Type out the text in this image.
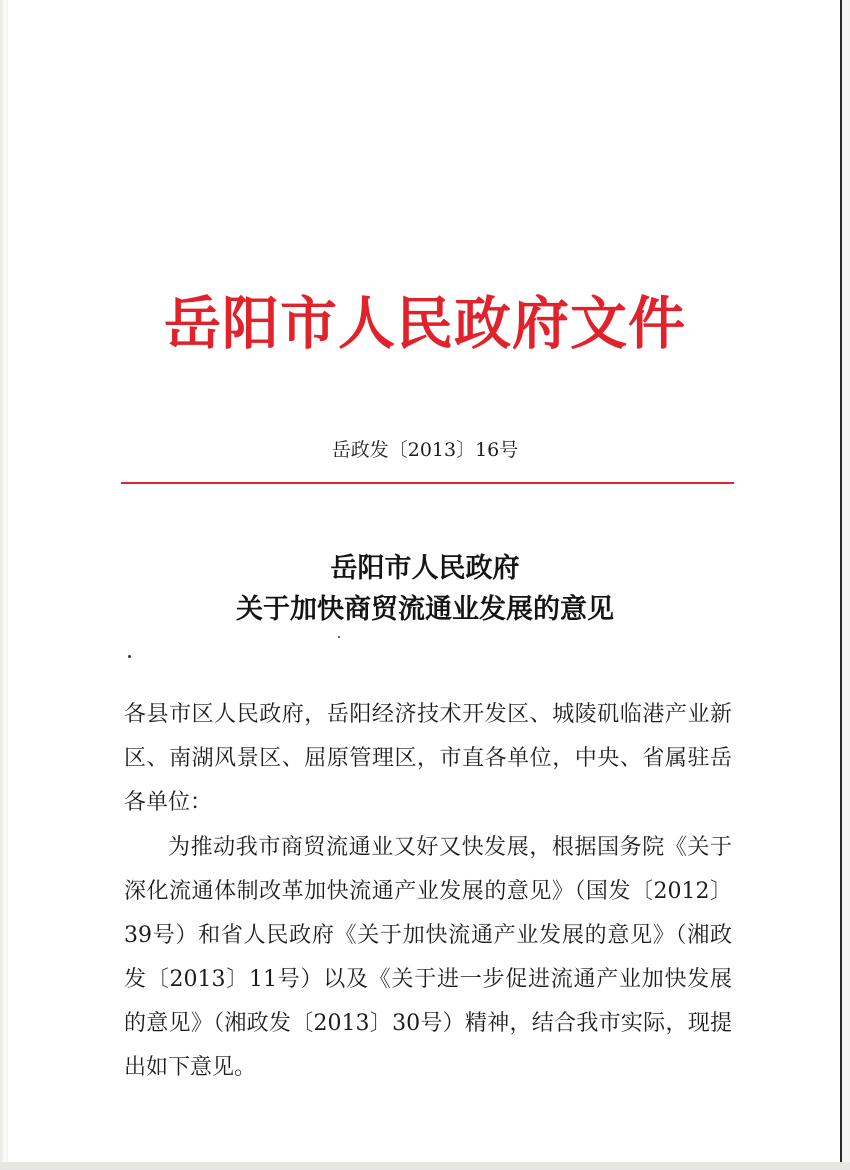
岳阳市人民政府文件
岳政发〔2013〕16号
岳阳市人民政府
关于加快商贸流通业发展的意见
各县市区人民政府，岳阳经济技术开发区、城陵矶临港产业新区、南湖风景区、屈原管理区，市直各单位，中央、省属驻岳各单位：
为推动我市商贸流通业又好又快发展，根据国务院《关于深化流通体制改革加快流通产业发展的意见》（国发〔2012〕39号）和省人民政府《关于加快流通产业发展的意见》（湘政发〔2013〕11号）以及《关于进一步促进流通产业加快发展的意见》（湘政发〔2013〕30号）精神，结合我市实际，现提出如下意见。
